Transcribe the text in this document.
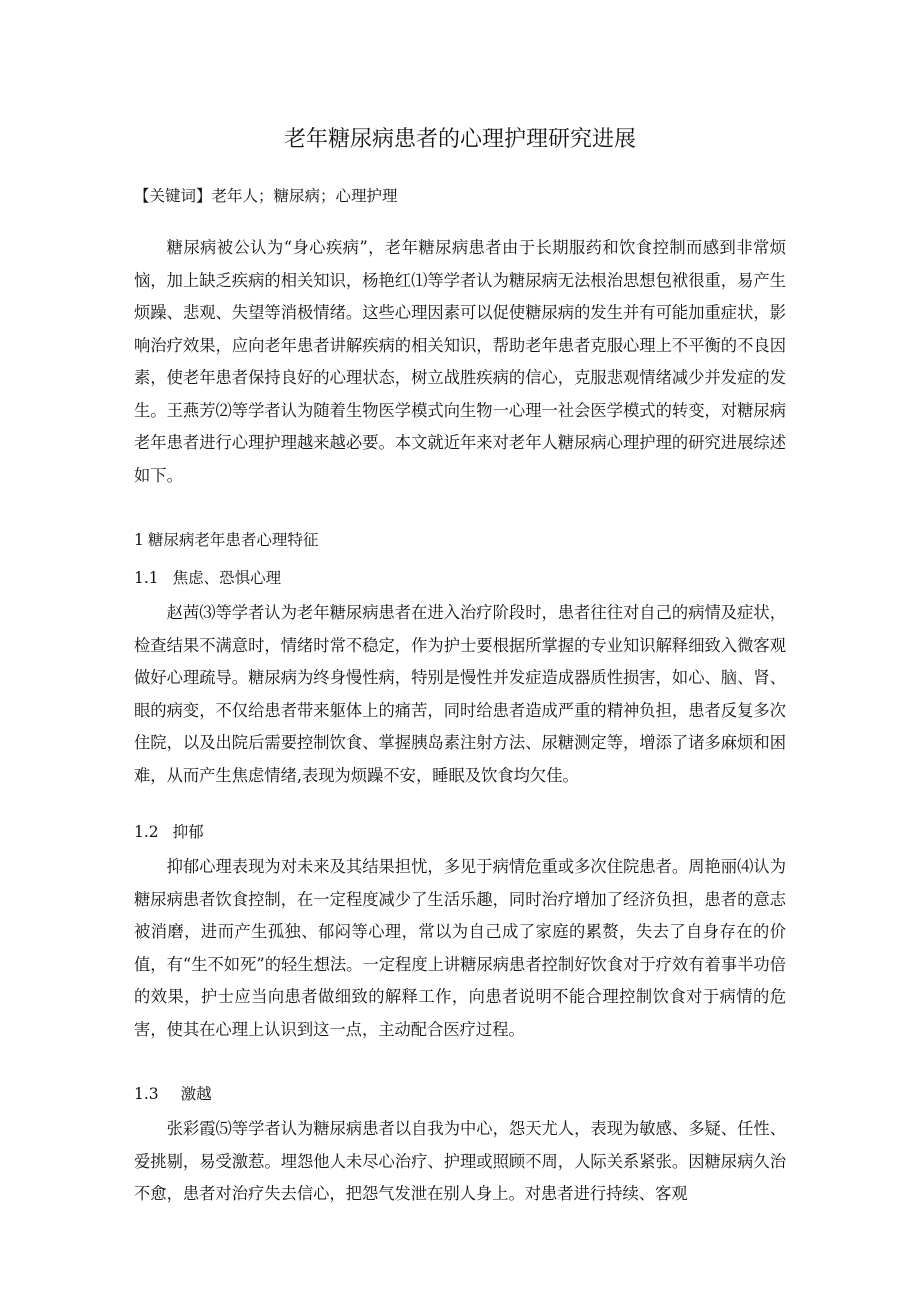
老年糖尿病患者的心理护理研究进展
【关键词】老年人；糖尿病；心理护理

糖尿病被公认为“身心疾病”，老年糖尿病患者由于长期服药和饮食控制而感到非常烦恼，加上缺乏疾病的相关知识，杨艳红⑴等学者认为糖尿病无法根治思想包袱很重，易产生烦躁、悲观、失望等消极情绪。这些心理因素可以促使糖尿病的发生并有可能加重症状，影响治疗效果，应向老年患者讲解疾病的相关知识，帮助老年患者克服心理上不平衡的不良因素，使老年患者保持良好的心理状态，树立战胜疾病的信心，克服悲观情绪减少并发症的发生。王燕芳⑵等学者认为随着生物医学模式向生物一心理一社会医学模式的转变，对糖尿病老年患者进行心理护理越来越必要。本文就近年来对老年人糖尿病心理护理的研究进展综述如下。

1 糖尿病老年患者心理特征
1.1 焦虑、恐惧心理

赵茜⑶等学者认为老年糖尿病患者在进入治疗阶段时，患者往往对自己的病情及症状，检查结果不满意时，情绪时常不稳定，作为护士要根据所掌握的专业知识解释细致入微客观做好心理疏导。糖尿病为终身慢性病，特别是慢性并发症造成器质性损害，如心、脑、肾、眼的病变，不仅给患者带来躯体上的痛苦，同时给患者造成严重的精神负担，患者反复多次住院，以及出院后需要控制饮食、掌握胰岛素注射方法、尿糖测定等，增添了诸多麻烦和困难，从而产生焦虑情绪,表现为烦躁不安，睡眠及饮食均欠佳。

1.2 抑郁

抑郁心理表现为对未来及其结果担忧，多见于病情危重或多次住院患者。周艳丽⑷认为糖尿病患者饮食控制，在一定程度减少了生活乐趣，同时治疗增加了经济负担，患者的意志被消磨，进而产生孤独、郁闷等心理，常以为自己成了家庭的累赘，失去了自身存在的价值，有“生不如死”的轻生想法。一定程度上讲糖尿病患者控制好饮食对于疗效有着事半功倍的效果，护士应当向患者做细致的解释工作，向患者说明不能合理控制饮食对于病情的危害，使其在心理上认识到这一点，主动配合医疗过程。

1.3 激越

张彩霞⑸等学者认为糖尿病患者以自我为中心，怨天尤人，表现为敏感、多疑、任性、爱挑剔，易受激惹。埋怨他人未尽心治疗、护理或照顾不周，人际关系紧张。因糖尿病久治不愈，患者对治疗失去信心，把怨气发泄在别人身上。对患者进行持续、客观
